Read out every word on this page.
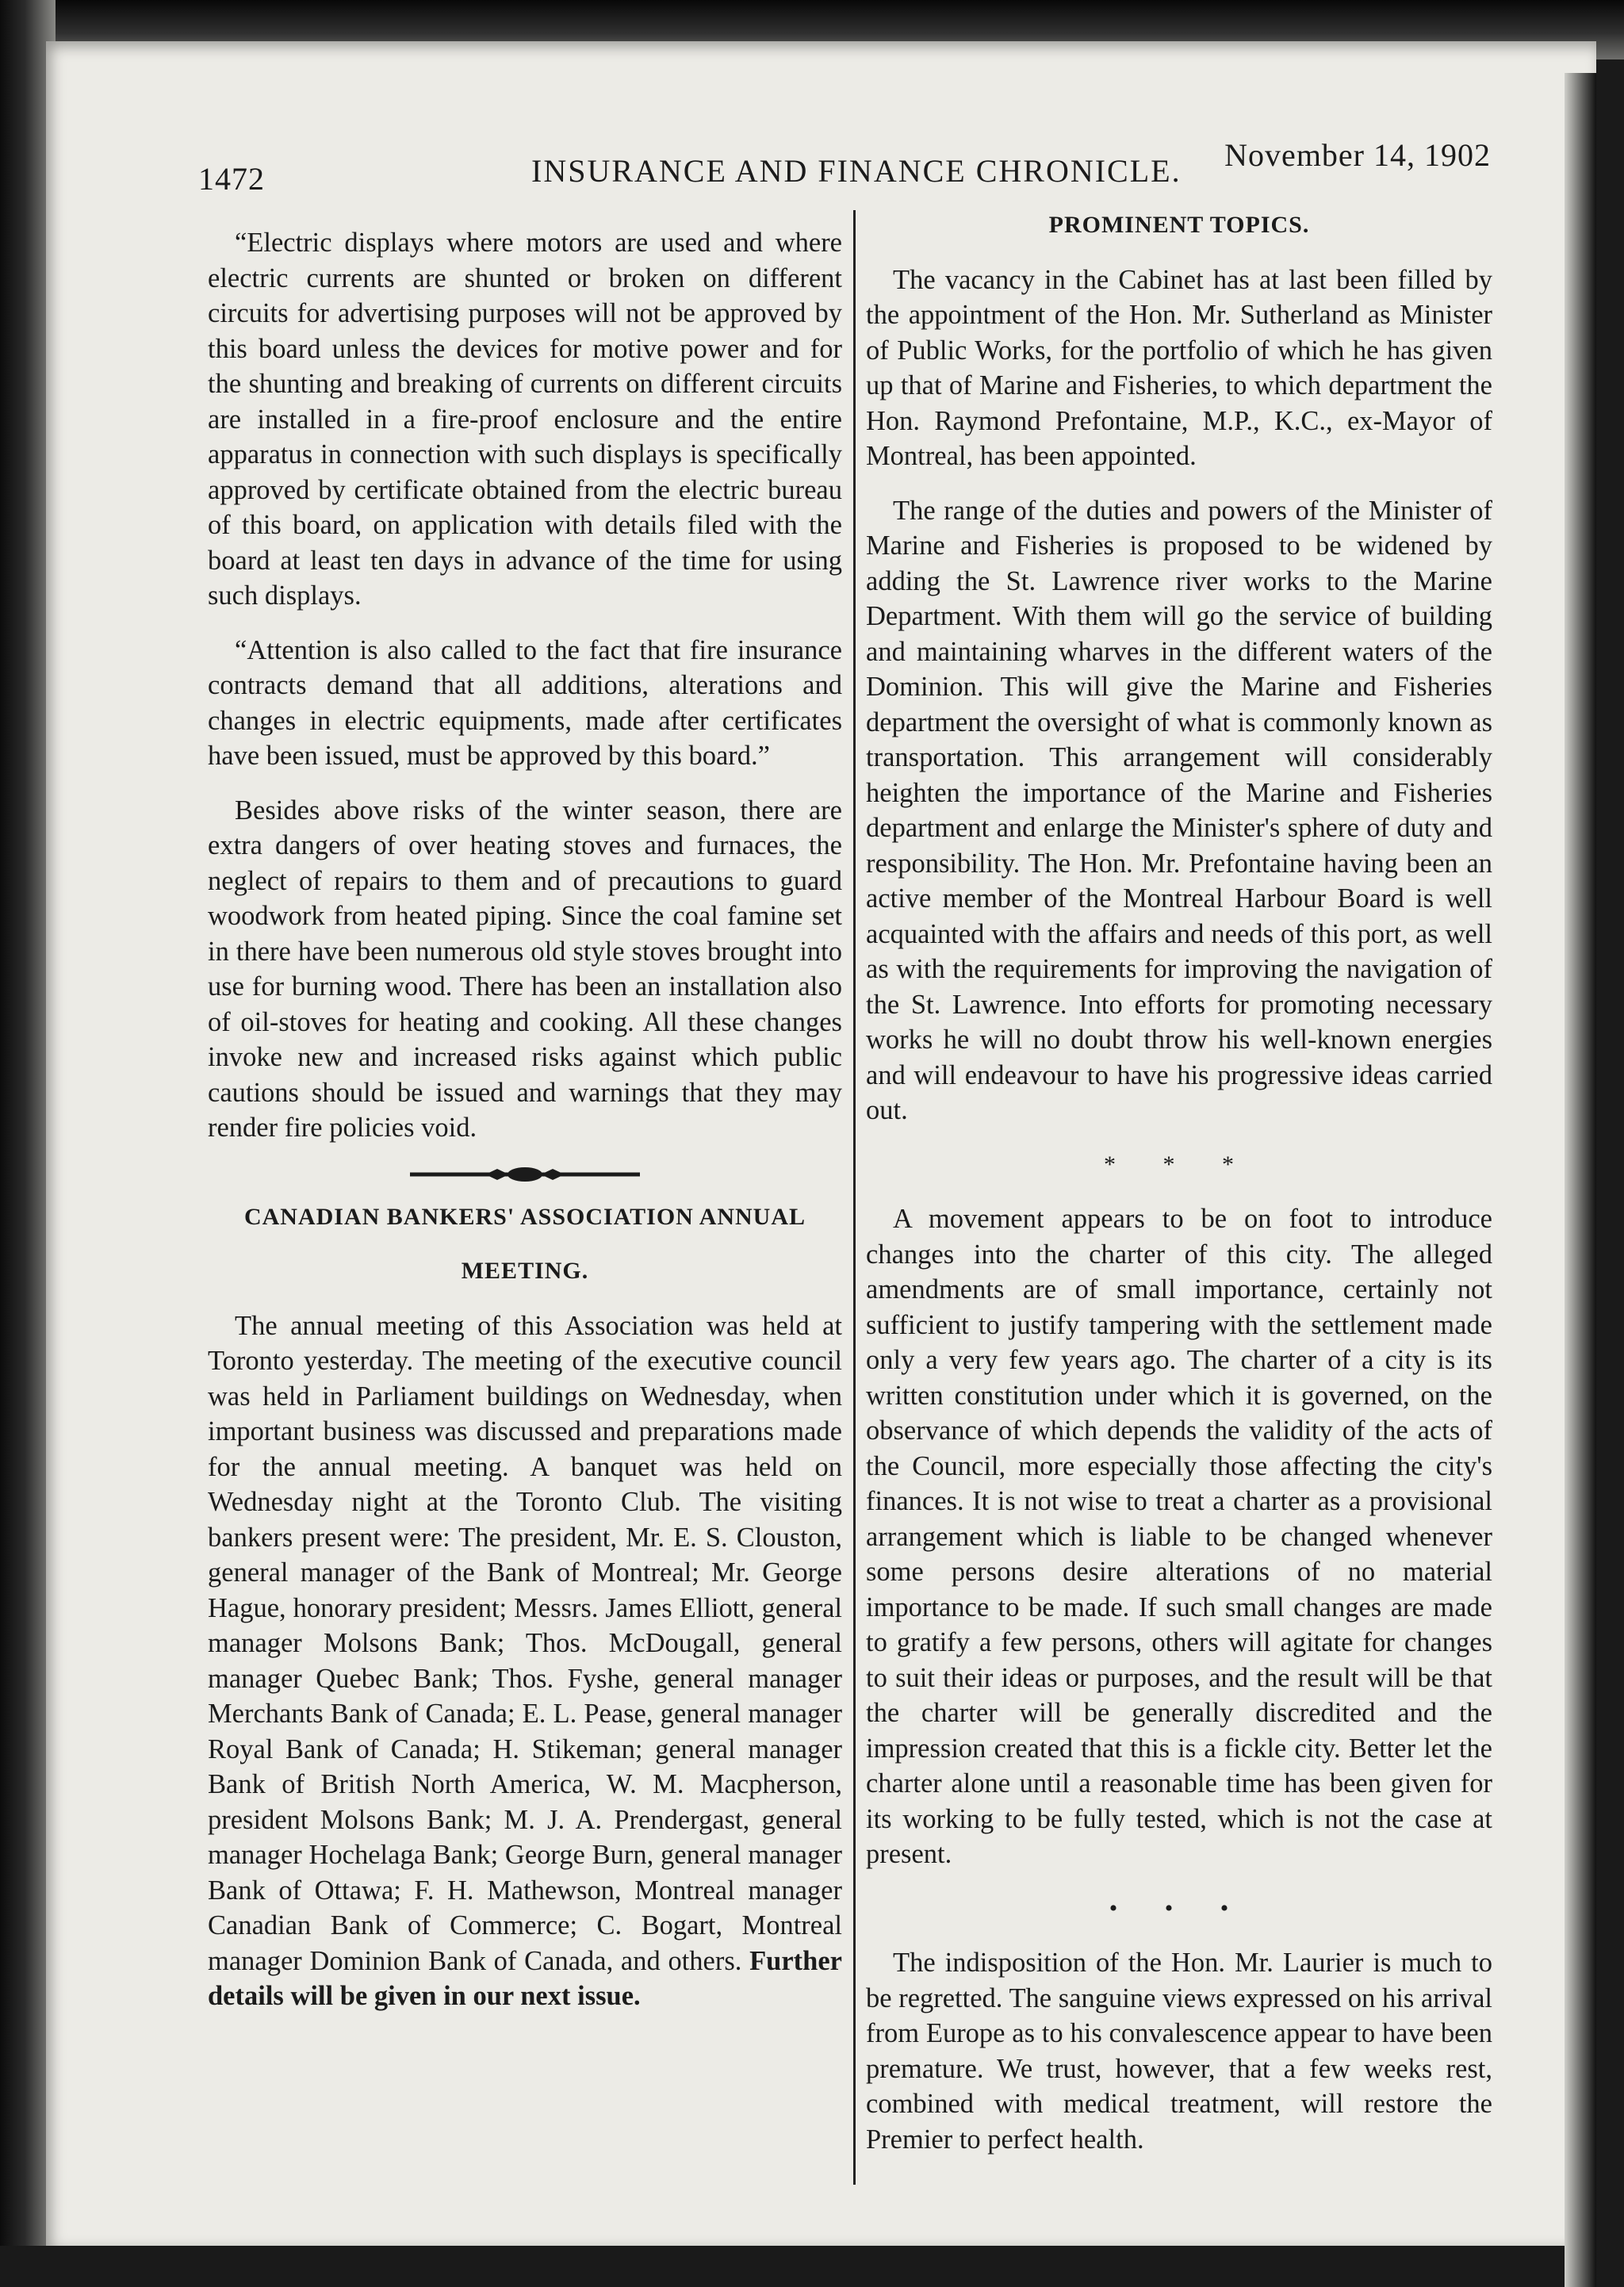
1472	INSURANCE AND FINANCE CHRONICLE. November 14, 1902

“Electric displays where motors are used and where electric currents are shunted or broken on different circuits for advertising purposes will not be approved by this board unless the devices for motive power and for the shunting and breaking of currents on different circuits are installed in a fire-proof enclosure and the entire apparatus in connection with such displays is specifically approved by certificate obtained from the electric bureau of this board, on application with details filed with the board at least ten days in advance of the time for using such displays.

“Attention is also called to the fact that fire insurance contracts demand that all additions, alterations and changes in electric equipments, made after certificates have been issued, must be approved by this board.”

Besides above risks of the winter season, there are extra dangers of over heating stoves and furnaces, the neglect of repairs to them and of precautions to guard woodwork from heated piping. Since the coal famine set in there have been numerous old style stoves brought into use for burning wood. There has been an installation also of oil-stoves for heating and cooking. All these changes invoke new and increased risks against which public cautions should be issued and warnings that they may render fire policies void.

CANADIAN BANKERS' ASSOCIATION ANNUAL

MEETING.

The annual meeting of this Association was held at Toronto yesterday. The meeting of the executive council was held in Parliament buildings on Wednesday, when important business was discussed and preparations made for the annual meeting. A banquet was held on Wednesday night at the Toronto Club. The visiting bankers present were: The president, Mr. E. S. Clouston, general manager of the Bank of Montreal; Mr. George Hague, honorary president; Messrs. James Elliott, general manager Molsons Bank; Thos. McDougall, general manager Quebec Bank; Thos. Fyshe, general manager Merchants Bank of Canada; E. L. Pease, general manager Royal Bank of Canada; H. Stikeman; general manager Bank of British North America, W. M. Macpherson, president Molsons Bank; M. J. A. Prendergast, general manager Hochelaga Bank; George Burn, general manager Bank of Ottawa; F. H. Mathewson, Montreal manager Canadian Bank of Commerce; C. Bogart, Montreal manager Dominion Bank of Canada, and others. Further details will be given in our next issue.

PROMINENT TOPICS.

The vacancy in the Cabinet has at last been filled by the appointment of the Hon. Mr. Sutherland as Minister of Public Works, for the portfolio of which he has given up that of Marine and Fisheries, to which department the Hon. Raymond Prefontaine, M.P., K.C., ex-Mayor of Montreal, has been appointed.

The range of the duties and powers of the Minister of Marine and Fisheries is proposed to be widened by adding the St. Lawrence river works to the Marine Department. With them will go the service of building and maintaining wharves in the different waters of the Dominion. This will give the Marine and Fisheries department the oversight of what is commonly known as transportation. This arrangement will considerably heighten the importance of the Marine and Fisheries department and enlarge the Minister's sphere of duty and responsibility. The Hon. Mr. Prefontaine having been an active member of the Montreal Harbour Board is well acquainted with the affairs and needs of this port, as well as with the requirements for improving the navigation of the St. Lawrence. Into efforts for promoting necessary works he will no doubt throw his well-known energies and will endeavour to have his progressive ideas carried out.

* * *

A movement appears to be on foot to introduce changes into the charter of this city. The alleged amendments are of small importance, certainly not sufficient to justify tampering with the settlement made only a very few years ago. The charter of a city is its written constitution under which it is governed, on the observance of which depends the validity of the acts of the Council, more especially those affecting the city's finances. It is not wise to treat a charter as a provisional arrangement which is liable to be changed whenever some persons desire alterations of no material importance to be made. If such small changes are made to gratify a few persons, others will agitate for changes to suit their ideas or purposes, and the result will be that the charter will be generally discredited and the impression created that this is a fickle city. Better let the charter alone until a reasonable time has been given for its working to be fully tested, which is not the case at present.

• • •

The indisposition of the Hon. Mr. Laurier is much to be regretted. The sanguine views expressed on his arrival from Europe as to his convalescence appear to have been premature. We trust, however, that a few weeks rest, combined with medical treatment, will restore the Premier to perfect health.
